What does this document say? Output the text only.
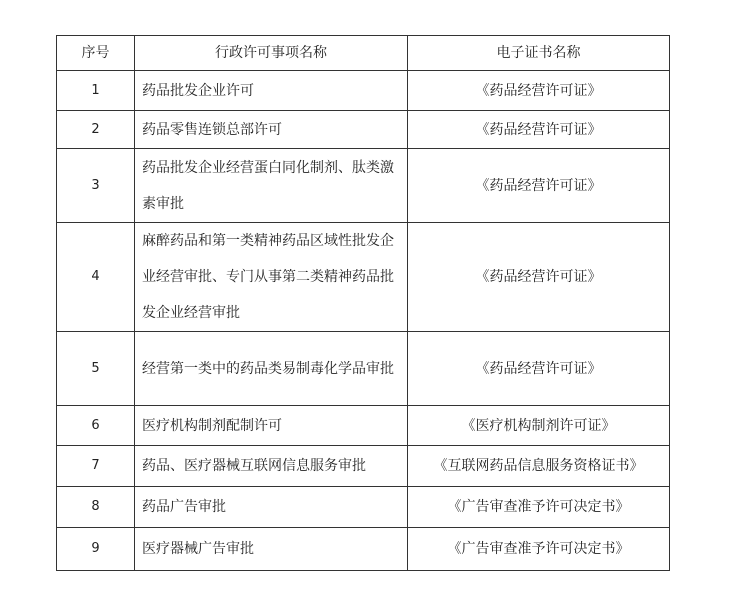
序号	行政许可事项名称	电子证书名称
1	药品批发企业许可	《药品经营许可证》
2	药品零售连锁总部许可	《药品经营许可证》
3	药品批发企业经营蛋白同化制剂、肽类激素审批	《药品经营许可证》
4	麻醉药品和第一类精神药品区域性批发企业经营审批、专门从事第二类精神药品批发企业经营审批	《药品经营许可证》
5	经营第一类中的药品类易制毒化学品审批	《药品经营许可证》
6	医疗机构制剂配制许可	《医疗机构制剂许可证》
7	药品、医疗器械互联网信息服务审批	《互联网药品信息服务资格证书》
8	药品广告审批	《广告审查准予许可决定书》
9	医疗器械广告审批	《广告审查准予许可决定书》
